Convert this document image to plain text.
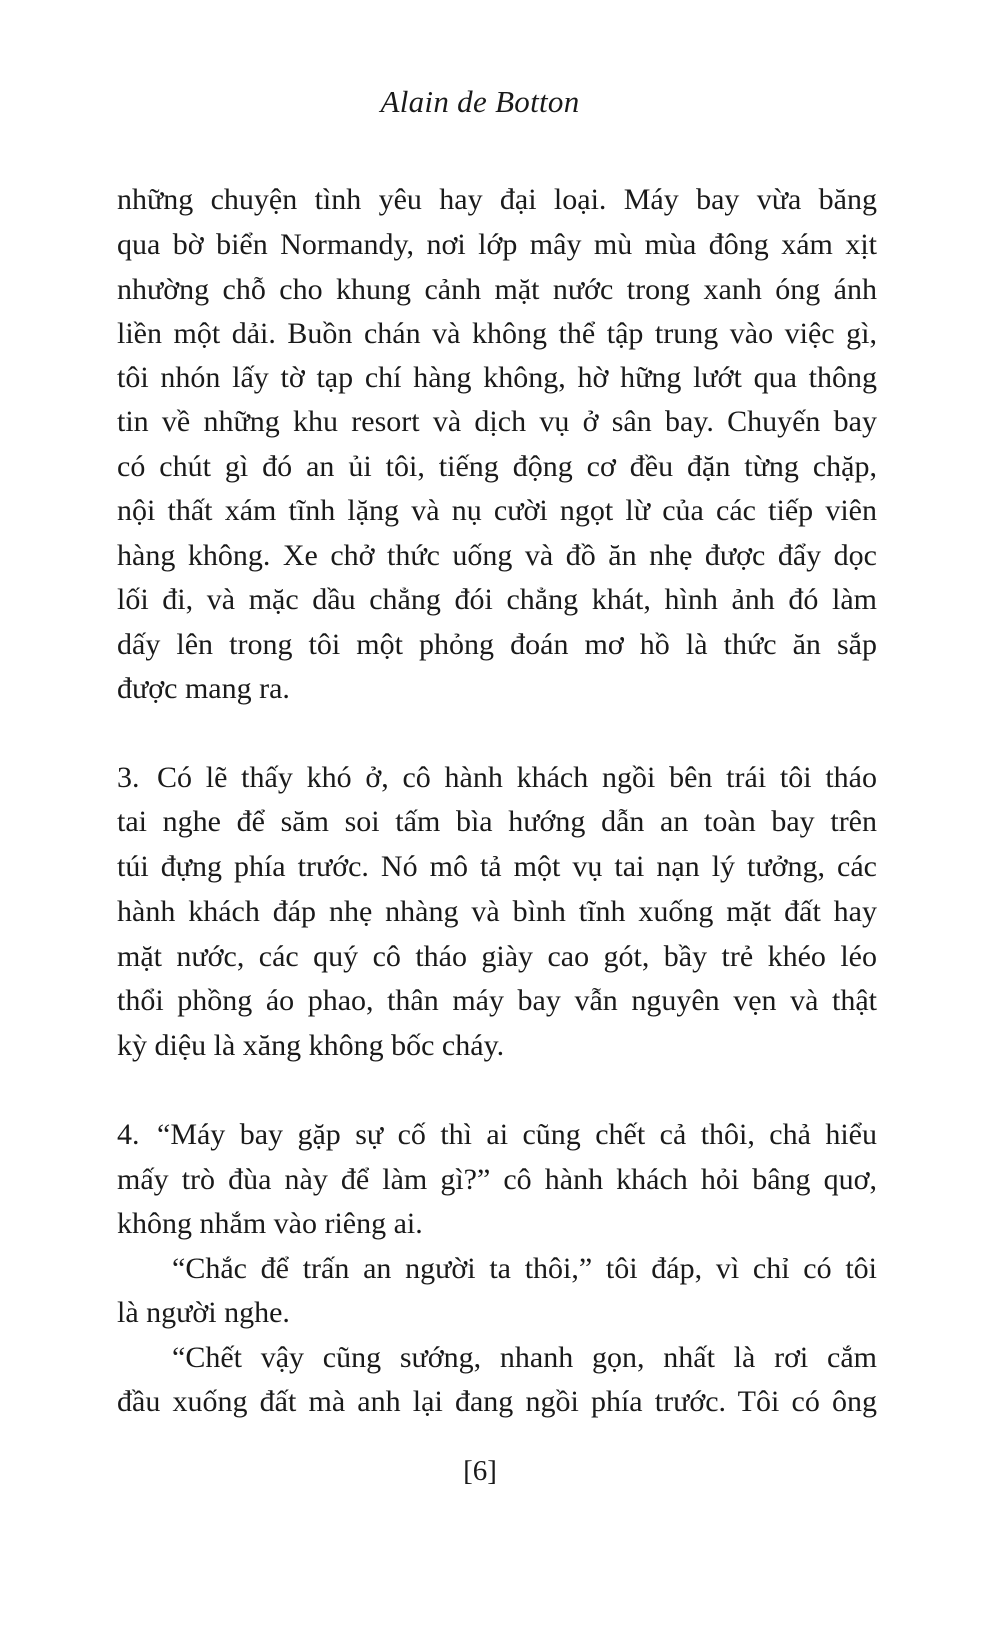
Alain de Botton
những chuyện tình yêu hay đại loại. Máy bay vừa băng
qua bờ biển Normandy, nơi lớp mây mù mùa đông xám xịt
nhường chỗ cho khung cảnh mặt nước trong xanh óng ánh
liền một dải. Buồn chán và không thể tập trung vào việc gì,
tôi nhón lấy tờ tạp chí hàng không, hờ hững lướt qua thông
tin về những khu resort và dịch vụ ở sân bay. Chuyến bay
có chút gì đó an ủi tôi, tiếng động cơ đều đặn từng chặp,
nội thất xám tĩnh lặng và nụ cười ngọt lừ của các tiếp viên
hàng không. Xe chở thức uống và đồ ăn nhẹ được đẩy dọc
lối đi, và mặc dầu chẳng đói chẳng khát, hình ảnh đó làm
dấy lên trong tôi một phỏng đoán mơ hồ là thức ăn sắp
được mang ra.
3. Có lẽ thấy khó ở, cô hành khách ngồi bên trái tôi tháo
tai nghe để săm soi tấm bìa hướng dẫn an toàn bay trên
túi đựng phía trước. Nó mô tả một vụ tai nạn lý tưởng, các
hành khách đáp nhẹ nhàng và bình tĩnh xuống mặt đất hay
mặt nước, các quý cô tháo giày cao gót, bầy trẻ khéo léo
thổi phồng áo phao, thân máy bay vẫn nguyên vẹn và thật
kỳ diệu là xăng không bốc cháy.
4. “Máy bay gặp sự cố thì ai cũng chết cả thôi, chả hiểu
mấy trò đùa này để làm gì?” cô hành khách hỏi bâng quơ,
không nhắm vào riêng ai.
“Chắc để trấn an người ta thôi,” tôi đáp, vì chỉ có tôi
là người nghe.
“Chết vậy cũng sướng, nhanh gọn, nhất là rơi cắm
đầu xuống đất mà anh lại đang ngồi phía trước. Tôi có ông
[6]
